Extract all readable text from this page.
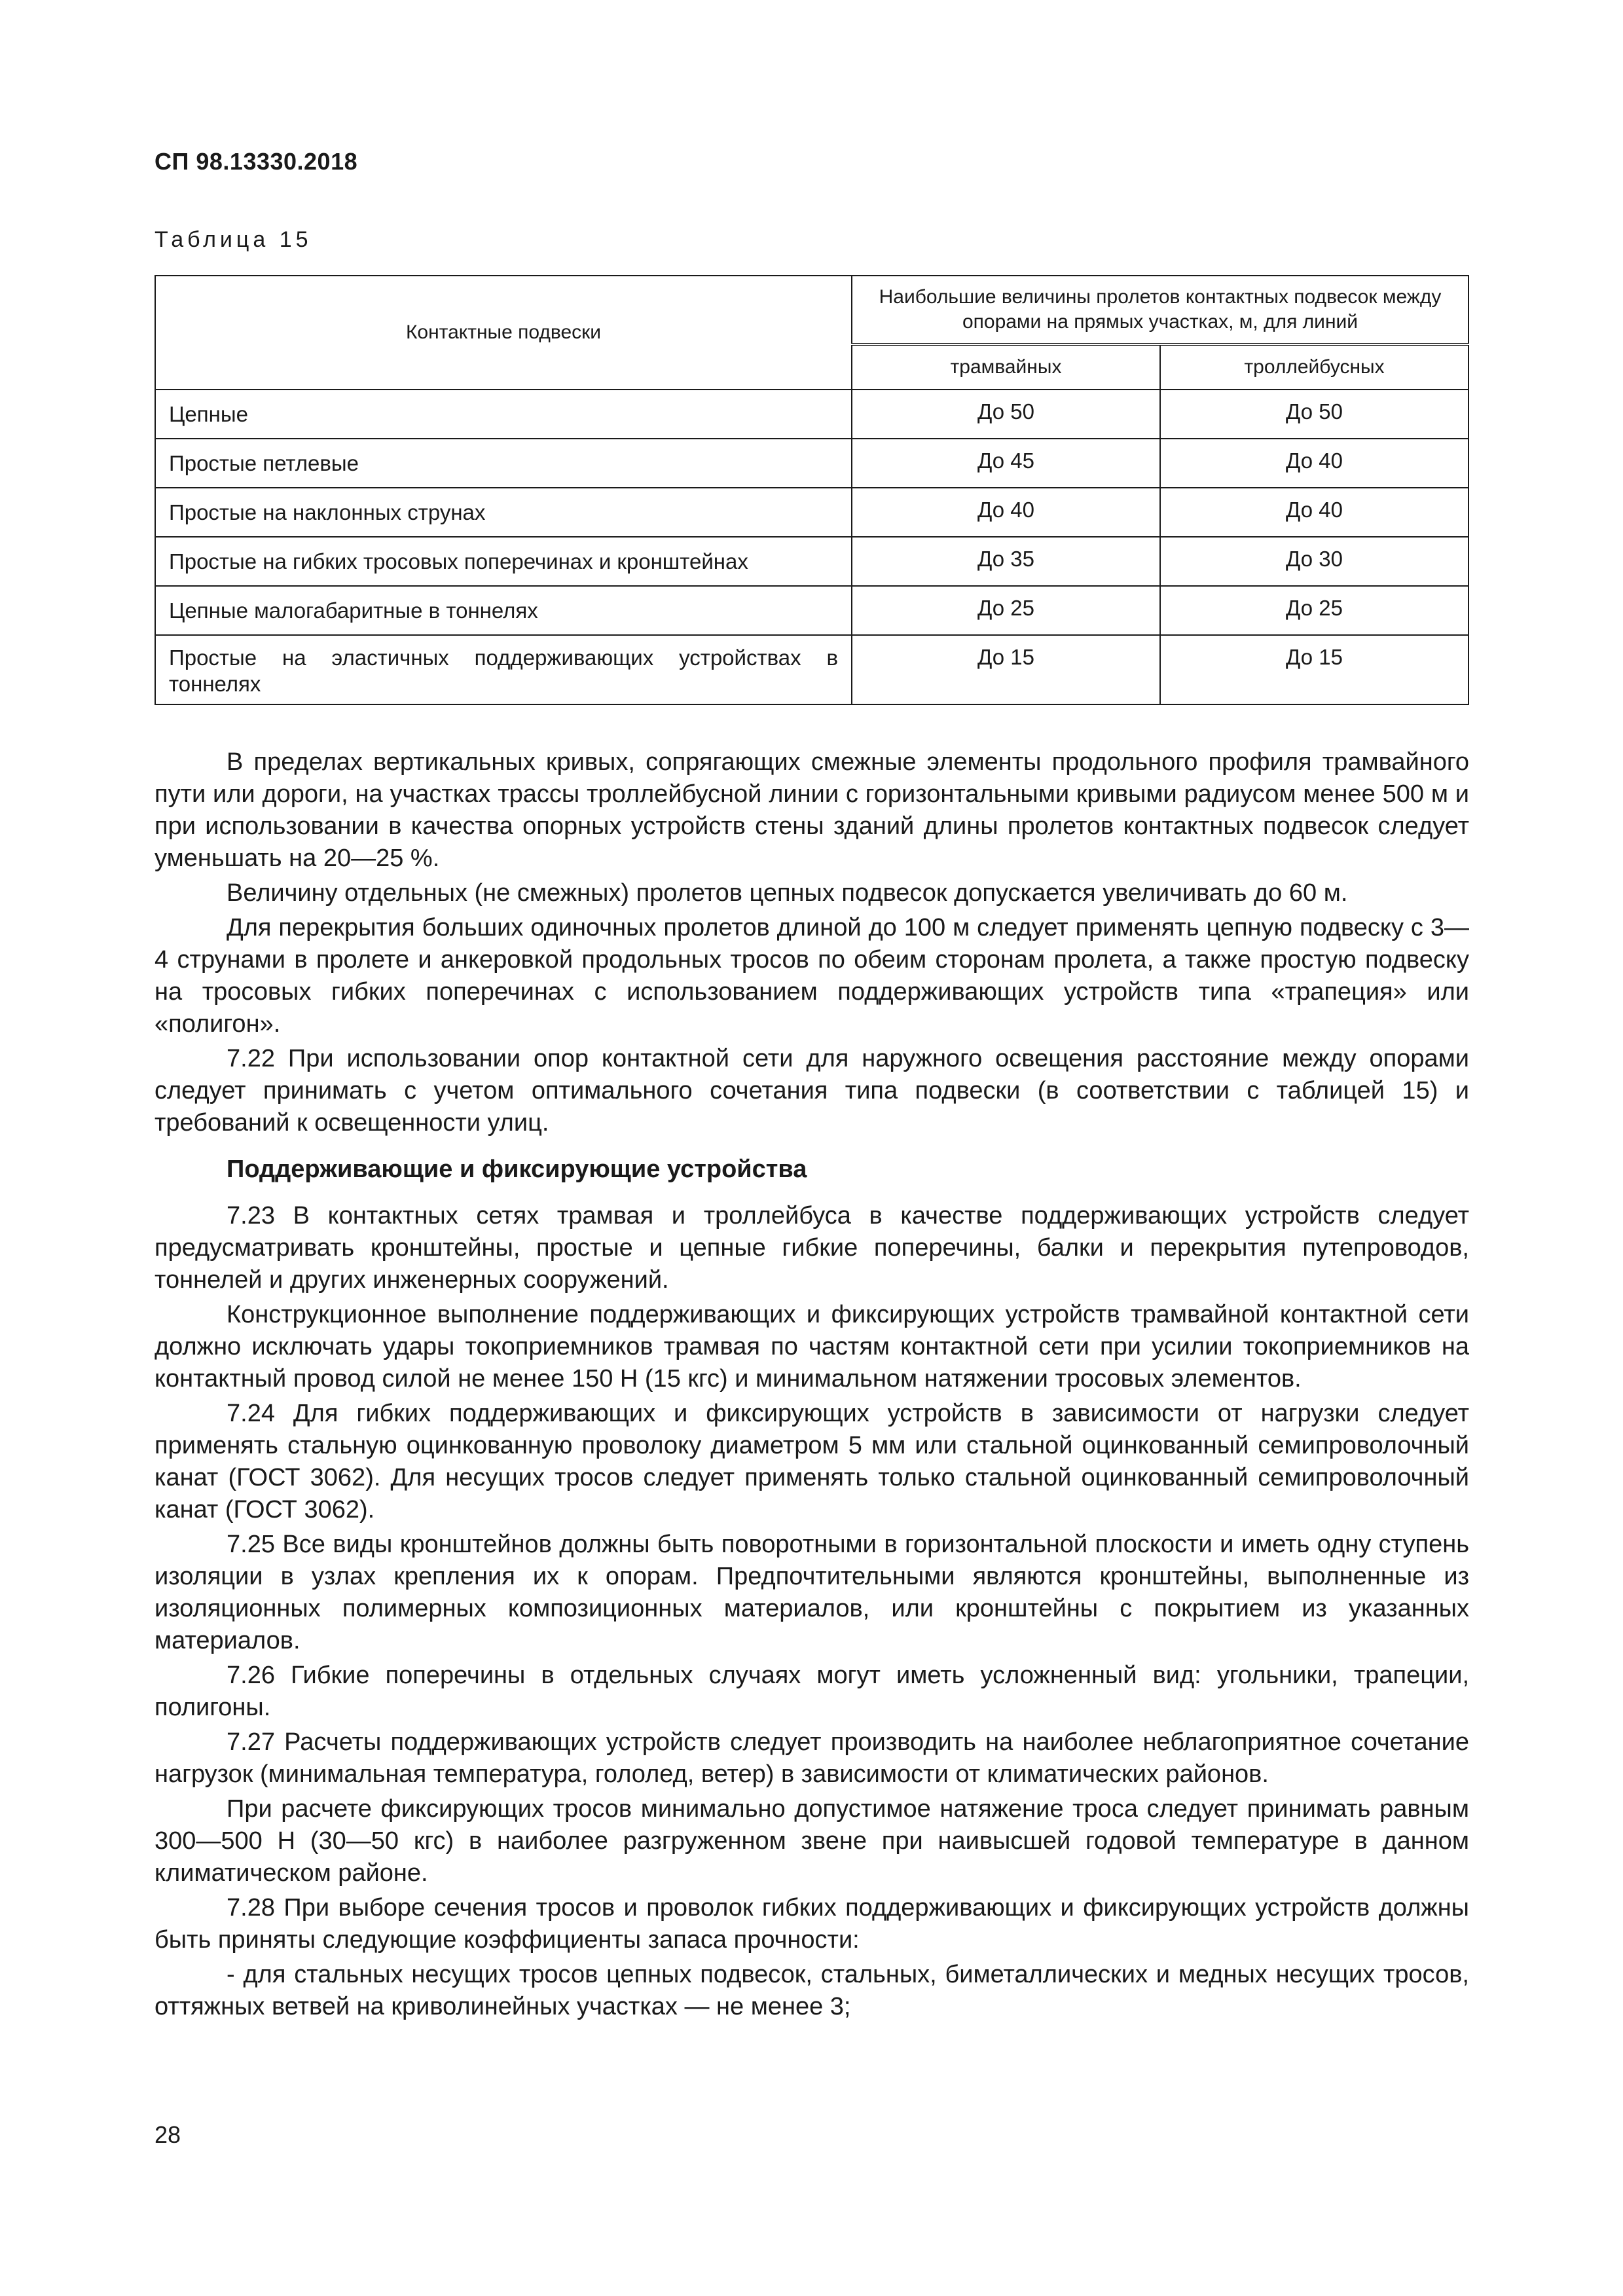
СП 98.13330.2018
Таблица 15
Контактные подвески	Наибольшие величины пролетов контактных подвесок между опорами на прямых участках, м, для линий	
	трамвайных	троллейбусных
Цепные	До 50	До 50
Простые петлевые	До 45	До 40
Простые на наклонных струнах	До 40	До 40
Простые на гибких тросовых поперечинах и кронштейнах	До 35	До 30
Цепные малогабаритные в тоннелях	До 25	До 25
Простые на эластичных поддерживающих устройствах в тоннелях	До 15	До 15

В пределах вертикальных кривых, сопрягающих смежные элементы продольного профиля трамвайного пути или дороги, на участках трассы троллейбусной линии с горизонтальными кривыми радиусом менее 500 м и при использовании в качества опорных устройств стены зданий длины пролетов контактных подвесок следует уменьшать на 20—25 %.

Величину отдельных (не смежных) пролетов цепных подвесок допускается увеличивать до 60 м.

Для перекрытия больших одиночных пролетов длиной до 100 м следует применять цепную подвеску с 3—4 струнами в пролете и анкеровкой продольных тросов по обеим сторонам пролета, а также простую подвеску на тросовых гибких поперечинах с использованием поддерживающих устройств типа «трапеция» или «полигон».

7.22 При использовании опор контактной сети для наружного освещения расстояние между опорами следует принимать с учетом оптимального сочетания типа подвески (в соответствии с таблицей 15) и требований к освещенности улиц.

Поддерживающие и фиксирующие устройства

7.23 В контактных сетях трамвая и троллейбуса в качестве поддерживающих устройств следует предусматривать кронштейны, простые и цепные гибкие поперечины, балки и перекрытия путепроводов, тоннелей и других инженерных сооружений.

Конструкционное выполнение поддерживающих и фиксирующих устройств трамвайной контактной сети должно исключать удары токоприемников трамвая по частям контактной сети при усилии токоприемников на контактный провод силой не менее 150 Н (15 кгс) и минимальном натяжении тросовых элементов.

7.24 Для гибких поддерживающих и фиксирующих устройств в зависимости от нагрузки следует применять стальную оцинкованную проволоку диаметром 5 мм или стальной оцинкованный семипроволочный канат (ГОСТ 3062). Для несущих тросов следует применять только стальной оцинкованный семипроволочный канат (ГОСТ 3062).

7.25 Все виды кронштейнов должны быть поворотными в горизонтальной плоскости и иметь одну ступень изоляции в узлах крепления их к опорам. Предпочтительными являются кронштейны, выполненные из изоляционных полимерных композиционных материалов, или кронштейны с покрытием из указанных материалов.

7.26 Гибкие поперечины в отдельных случаях могут иметь усложненный вид: угольники, трапеции, полигоны.

7.27 Расчеты поддерживающих устройств следует производить на наиболее неблагоприятное сочетание нагрузок (минимальная температура, гололед, ветер) в зависимости от климатических районов.

При расчете фиксирующих тросов минимально допустимое натяжение троса следует принимать равным 300—500 Н (30—50 кгс) в наиболее разгруженном звене при наивысшей годовой температуре в данном климатическом районе.

7.28 При выборе сечения тросов и проволок гибких поддерживающих и фиксирующих устройств должны быть приняты следующие коэффициенты запаса прочности:

- для стальных несущих тросов цепных подвесок, стальных, биметаллических и медных несущих тросов, оттяжных ветвей на криволинейных участках — не менее 3;

28
